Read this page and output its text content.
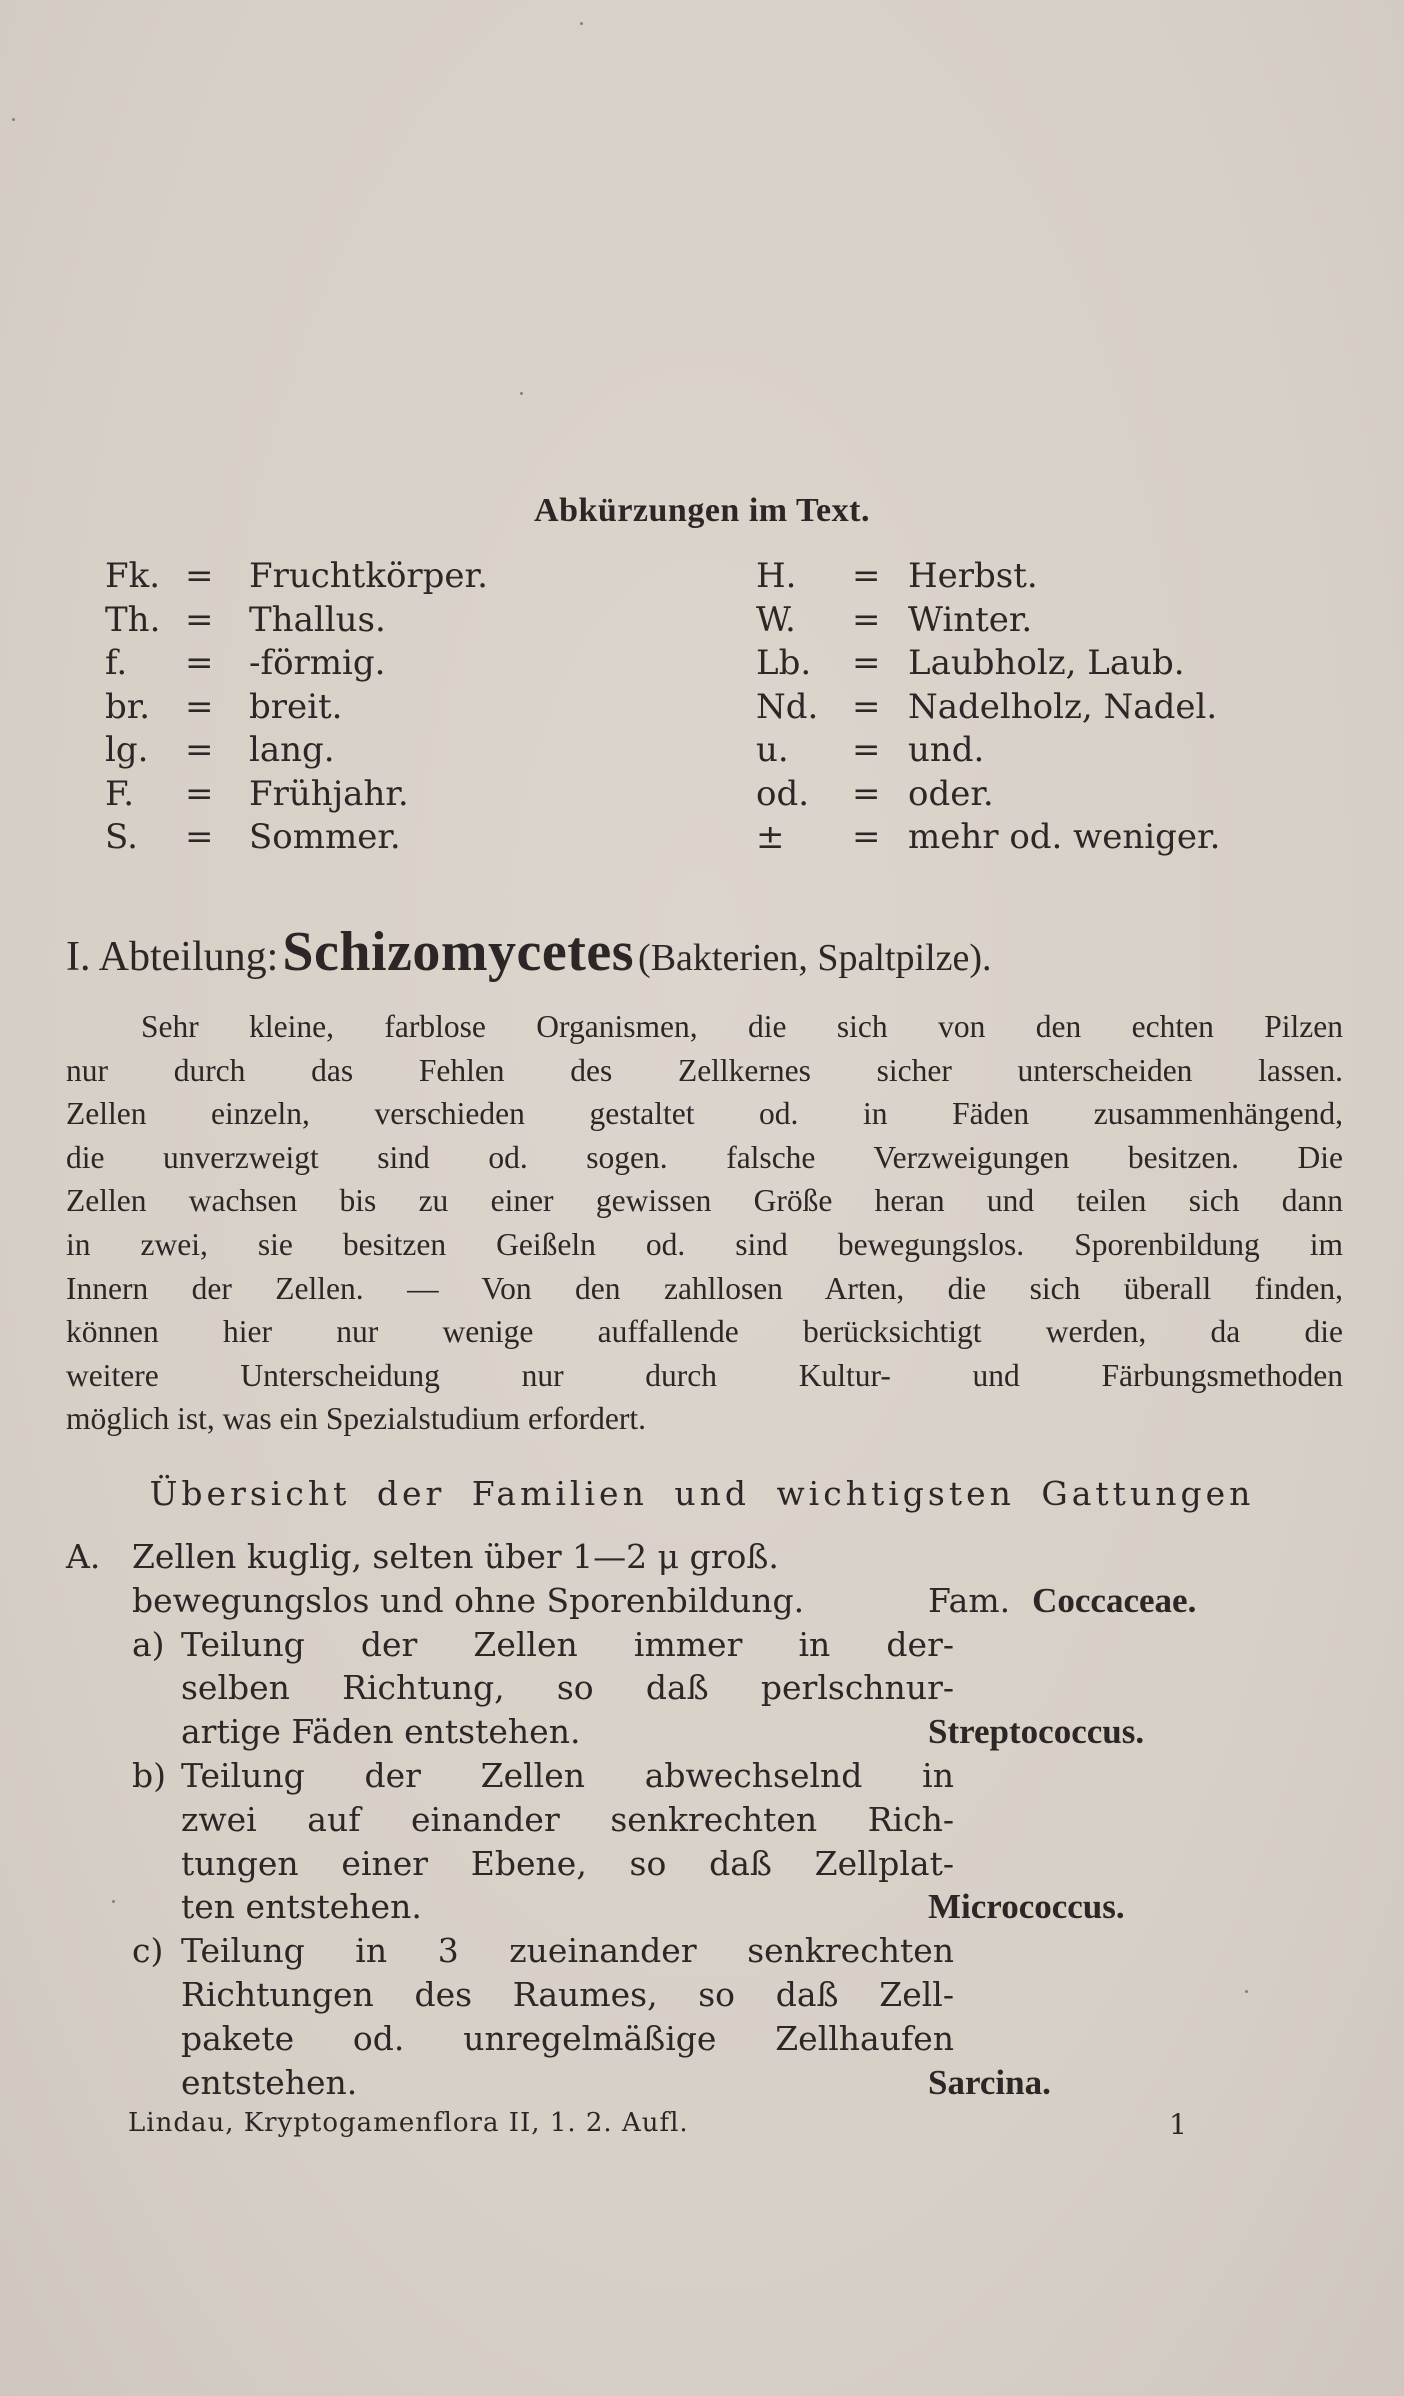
Abkürzungen im Text.
Fk. =	Fruchtkörper.
Th. =	Thallus.
f.	=	-förmig.
br.	=	breit.
lg.	=	lang.
F.	=	Frühjahr.
S.	=	Sommer.
H.	= Herbst.
W.	= Winter.
Lb.	= Laubholz, Laub.
Nd. = Nadelholz, Nadel.
u.	= und.
od.	= oder.
±	= mehr od. weniger.
I. Abteilung: Schizomycetes (Bakterien, Spaltpilze).
Sehr kleine, farblose Organismen, die sich von den echten Pilzen
nur durch das Fehlen des Zellkernes sicher unterscheiden lassen.
Zellen einzeln, verschieden gestaltet od. in Fäden zusammenhängend,
die unverzweigt sind od. sogen. falsche Verzweigungen besitzen. Die
Zellen wachsen bis zu einer gewissen Größe heran und teilen sich dann
in zwei, sie besitzen Geißeln od. sind bewegungslos. Sporenbildung im
Innern der Zellen. — Von den zahllosen Arten, die sich überall finden,
können hier nur wenige auffallende berücksichtigt werden, da die
weitere Unterscheidung nur durch Kultur- und Färbungsmethoden
möglich ist, was ein Spezialstudium erfordert.
Übersicht der Familien und wichtigsten Gattungen
A. Zellen kuglig, selten über 1—2 μ groß.
bewegungslos und ohne Sporenbildung.	Fam. Coccaceae.
a) Teilung der Zellen immer in der-
selben Richtung, so daß perlschnur-
artige Fäden entstehen.	Streptococcus.
b) Teilung der Zellen abwechselnd in
zwei auf einander senkrechten Rich-
tungen einer Ebene, so daß Zellplat-
ten entstehen.	Micrococcus.
c) Teilung in 3 zueinander senkrechten
Richtungen des Raumes, so daß Zell-
pakete od. unregelmäßige Zellhaufen
entstehen.	Sarcina.
Lindau, Kryptogamenflora II, 1. 2. Aufl.	1
